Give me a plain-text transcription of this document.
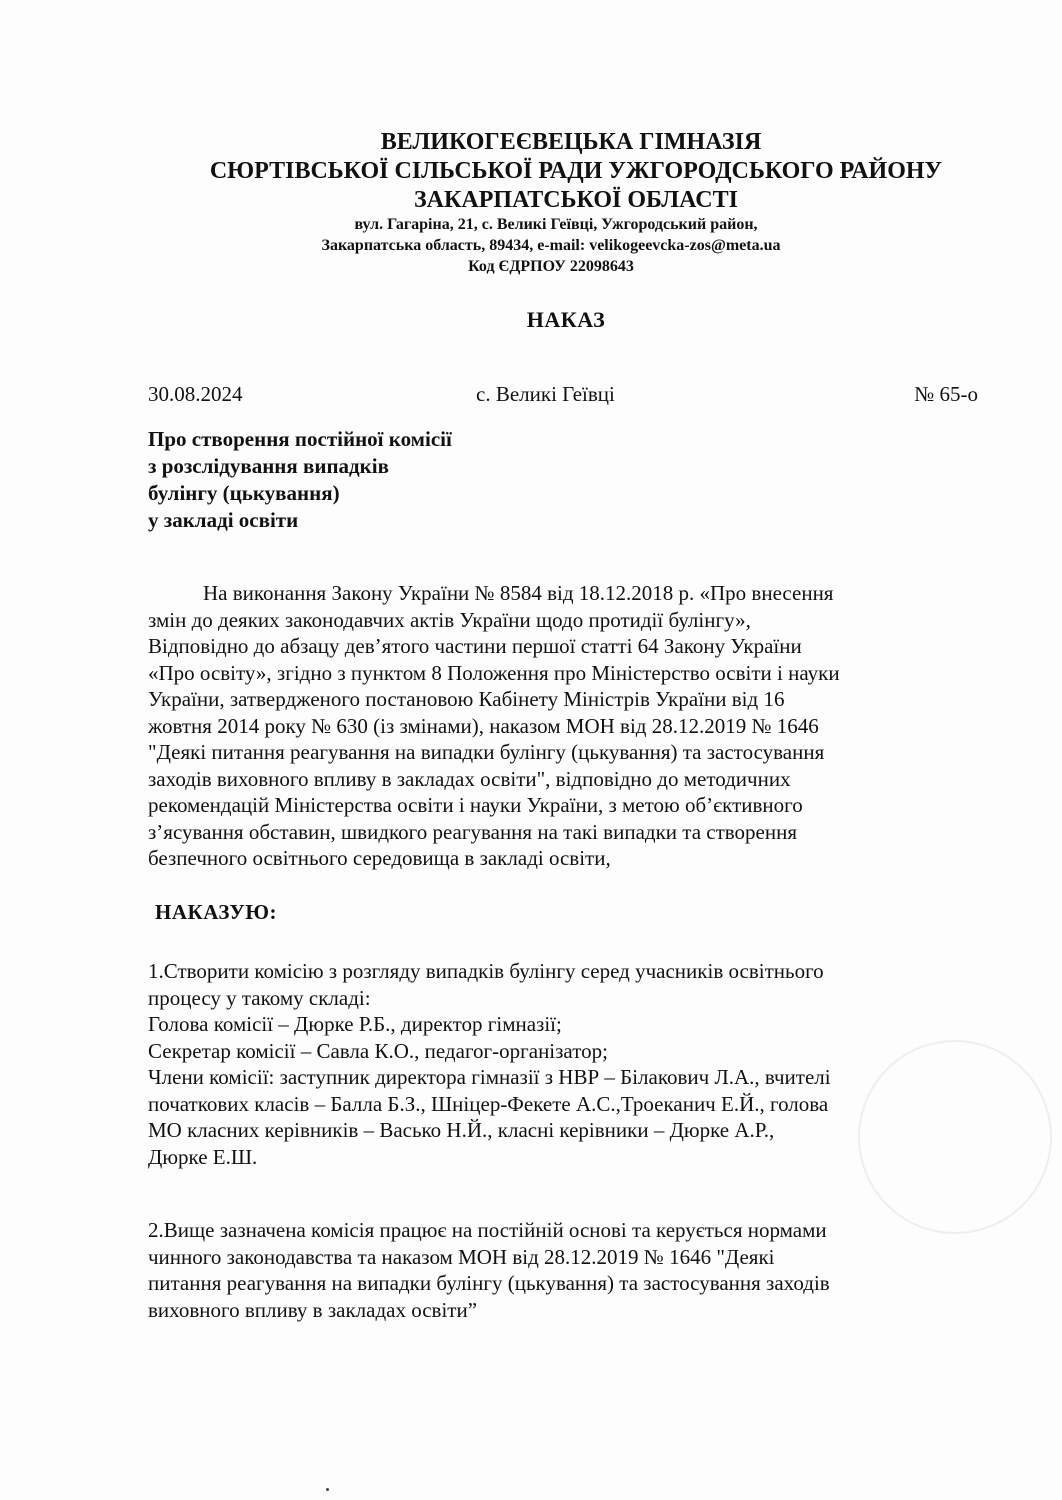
ВЕЛИКОГЕЄВЕЦЬКА ГІМНАЗІЯ
СЮРТІВСЬКОЇ СІЛЬСЬКОЇ РАДИ УЖГОРОДСЬКОГО РАЙОНУ
ЗАКАРПАТСЬКОЇ ОБЛАСТІ
вул. Гагаріна, 21, с. Великі Геївці, Ужгородський район,
Закарпатська область, 89434, e-mail: velikogeevcka-zos@meta.ua
Код ЄДРПОУ 22098643
НАКАЗ
30.08.2024	с. Великі Геївці	№ 65-о
Про створення постійної комісії
з розслідування випадків
булінгу (цькування)
у закладі освіти
На виконання Закону України № 8584 від 18.12.2018 р. «Про внесення
змін до деяких законодавчих актів України щодо протидії булінгу»,
Відповідно до абзацу дев’ятого частини першої статті 64 Закону України
«Про освіту», згідно з пунктом 8 Положення про Міністерство освіти і науки
України, затвердженого постановою Кабінету Міністрів України від 16
жовтня 2014 року № 630 (із змінами), наказом МОН від 28.12.2019 № 1646
"Деякі питання реагування на випадки булінгу (цькування) та застосування
заходів виховного впливу в закладах освіти", відповідно до методичних
рекомендацій Міністерства освіти і науки України, з метою об’єктивного
з’ясування обставин, швидкого реагування на такі випадки та створення
безпечного освітнього середовища в закладі освіти,
НАКАЗУЮ:
1.Створити комісію з розгляду випадків булінгу серед учасників освітнього
процесу у такому складі:
Голова комісії – Дюрке Р.Б., директор гімназії;
Секретар комісії – Савла К.О., педагог-організатор;
Члени комісії: заступник директора гімназії з НВР – Білакович Л.А., вчителі
початкових класів – Балла Б.З., Шніцер-Фекете А.С.,Троеканич Е.Й., голова
МО класних керівників – Васько Н.Й., класні керівники – Дюрке А.Р.,
Дюрке Е.Ш.
2.Вище зазначена комісія працює на постійній основі та керується нормами
чинного законодавства та наказом МОН від 28.12.2019 № 1646 "Деякі
питання реагування на випадки булінгу (цькування) та застосування заходів
виховного впливу в закладах освіти”
